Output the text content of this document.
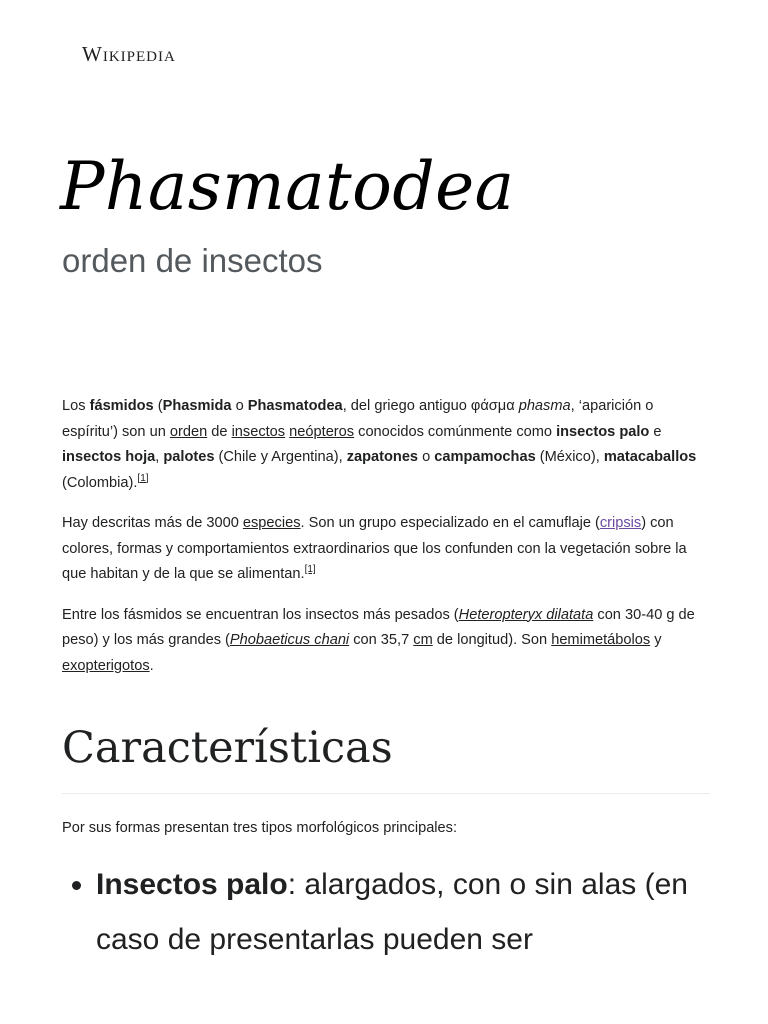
Wikipedia
Phasmatodea
orden de insectos

Los fásmidos (Phasmida o Phasmatodea, del griego antiguo φάσμα phasma, ‘aparición o espíritu’) son un orden de insectos neópteros conocidos comúnmente como insectos palo e insectos hoja, palotes (Chile y Argentina), zapatones o campamochas (México), matacaballos (Colombia).[1]

Hay descritas más de 3000 especies. Son un grupo especializado en el camuflaje (cripsis) con colores, formas y comportamientos extraordinarios que los confunden con la vegetación sobre la que habitan y de la que se alimentan.[1]

Entre los fásmidos se encuentran los insectos más pesados (Heteropteryx dilatata con 30-40 g de peso) y los más grandes (Phobaeticus chani con 35,7 cm de longitud). Son hemimetábolos y exopterigotos.

Características

Por sus formas presentan tres tipos morfológicos principales:

• Insectos palo: alargados, con o sin alas (en caso de presentarlas pueden ser
